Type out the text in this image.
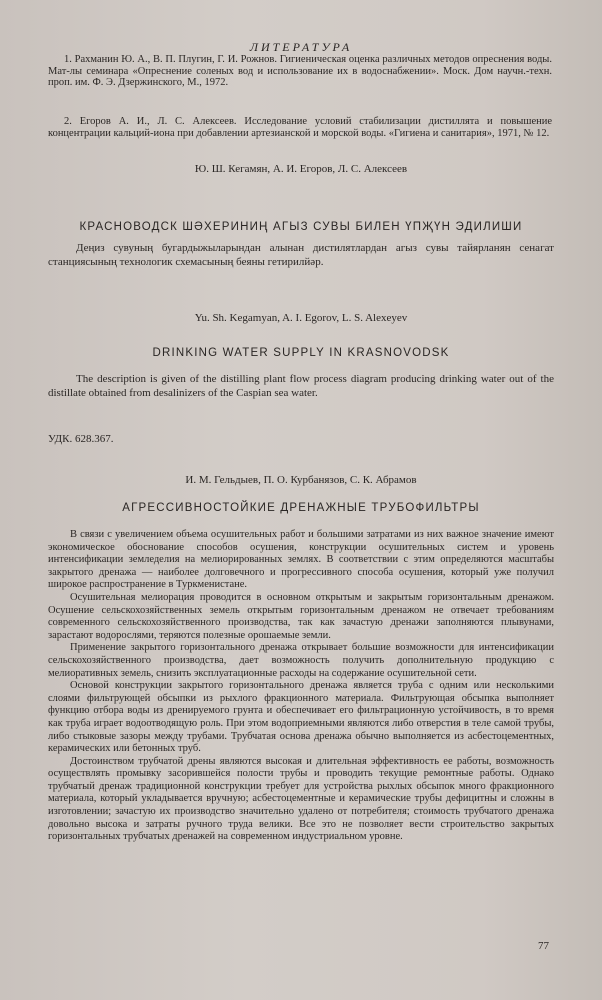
ЛИТЕРАТУРА
1. Рахманин Ю. А., В. П. Плугин, Г. И. Рожнов. Гигиеническая оценка различных методов опреснения воды. Мат-лы семинара «Опреснение соленых вод и использование их в водоснабжении». Моск. Дом научн.-техн. проп. им. Ф. Э. Дзержинского, М., 1972.
2. Егоров А. И., Л. С. Алексеев. Исследование условий стабилизации дистиллята и повышение концентрации кальций-иона при добавлении артезианской и морской воды. «Гигиена и санитария», 1971, № 12.
Ю. Ш. Кегамян, А. И. Егоров, Л. С. Алексеев
КРАСНОВОДСК ШӘХЕРИНИҢ АГЫЗ СУВЫ БИЛЕН ҮПҖҮН ЭДИЛИШИ
Деңиз сувуның бугардыжыларындан алынан дистилятлардан агыз сувы тайярланян сенагат станциясының технологик схемасының беяны гетирилйәр.
Yu. Sh. Kegamyan, A. I. Egorov, L. S. Alexeyev
DRINKING WATER SUPPLY IN KRASNOVODSK
The description is given of the distilling plant flow process diagram producing drinking water out of the distillate obtained from desalinizers of the Caspian sea water.
УДК. 628.367.
И. М. Гельдыев, П. О. Курбанязов, С. К. Абрамов
АГРЕССИВНОСТОЙКИЕ ДРЕНАЖНЫЕ ТРУБОФИЛЬТРЫ

В связи с увеличением объема осушительных работ и большими затратами из них важное значение имеют экономическое обоснование способов осушения, конструкции осушительных систем и уровень интенсификации земледелия на мелиорированных землях. В соответствии с этим определяются масштабы закрытого дренажа — наиболее долговечного и прогрессивного способа осушения, который уже получил широкое распространение в Туркменистане.

Осушительная мелиорация проводится в основном открытым и закрытым горизонтальным дренажом. Осушение сельскохозяйственных земель открытым горизонтальным дренажом не отвечает требованиям современного сельскохозяйственного производства, так как зачастую дренажи заполняются плывунами, зарастают водорослями, теряются полезные орошаемые земли.

Применение закрытого горизонтального дренажа открывает большие возможности для интенсификации сельскохозяйственного производства, дает возможность получить дополнительную продукцию с мелиоративных земель, снизить эксплуатационные расходы на содержание осушительной сети.

Основой конструкции закрытого горизонтального дренажа является труба с одним или несколькими слоями фильтрующей обсыпки из рыхлого фракционного материала. Фильтрующая обсыпка выполняет функцию отбора воды из дренируемого грунта и обеспечивает его фильтрационную устойчивость, в то время как труба играет водоотводящую роль. При этом водоприемными являются либо отверстия в теле самой трубы, либо стыковые зазоры между трубами. Трубчатая основа дренажа обычно выполняется из асбестоцементных, керамических или бетонных труб.

Достоинством трубчатой дрены являются высокая и длительная эффективность ее работы, возможность осуществлять промывку засорившейся полости трубы и проводить текущие ремонтные работы. Однако трубчатый дренаж традиционной конструкции требует для устройства рыхлых обсыпок много фракционного материала, который укладывается вручную; асбестоцементные и керамические трубы дефицитны и сложны в изготовлении; зачастую их производство значительно удалено от потребителя; стоимость трубчатого дренажа довольно высока и затраты ручного труда велики. Все это не позволяет вести строительство закрытых горизонтальных трубчатых дренажей на современном индустриальном уровне.

77
